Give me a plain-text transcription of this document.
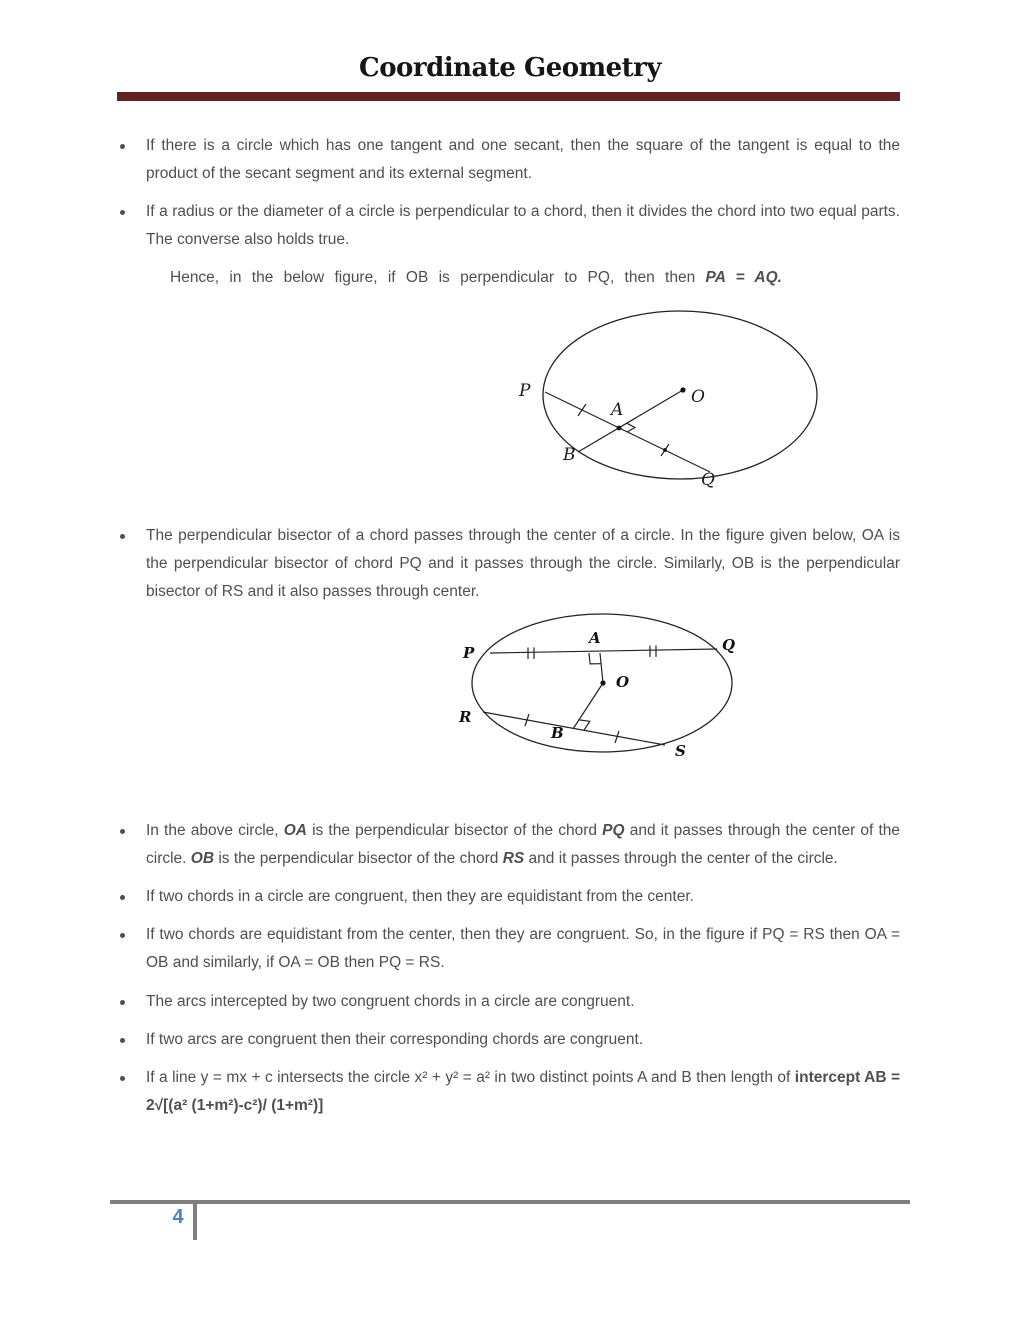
Coordinate Geometry
If there is a circle which has one tangent and one secant, then the square of the tangent is equal to the product of the secant segment and its external segment.
If a radius or the diameter of a circle is perpendicular to a chord, then it divides the chord into two equal parts. The converse also holds true.
Hence, in the below figure, if OB is perpendicular to PQ, then then PA = AQ.
P
A
B
O
Q
The perpendicular bisector of a chord passes through the center of a circle. In the figure given below, OA is the perpendicular bisector of chord PQ and it passes through the circle. Similarly, OB is the perpendicular bisector of RS and it also passes through center.
P	Q
A
O
R
B
S
In the above circle, OA is the perpendicular bisector of the chord PQ and it passes through the center of the circle. OB is the perpendicular bisector of the chord RS and it passes through the center of the circle.
If two chords in a circle are congruent, then they are equidistant from the center.
If two chords are equidistant from the center, then they are congruent. So, in the figure if PQ = RS then OA = OB and similarly, if OA = OB then PQ = RS.
The arcs intercepted by two congruent chords in a circle are congruent.
If two arcs are congruent then their corresponding chords are congruent.
If a line y = mx + c intersects the circle x² + y² = a² in two distinct points A and B then length of intercept AB = 2√[(a² (1+m²)-c²)/ (1+m²)]
4
